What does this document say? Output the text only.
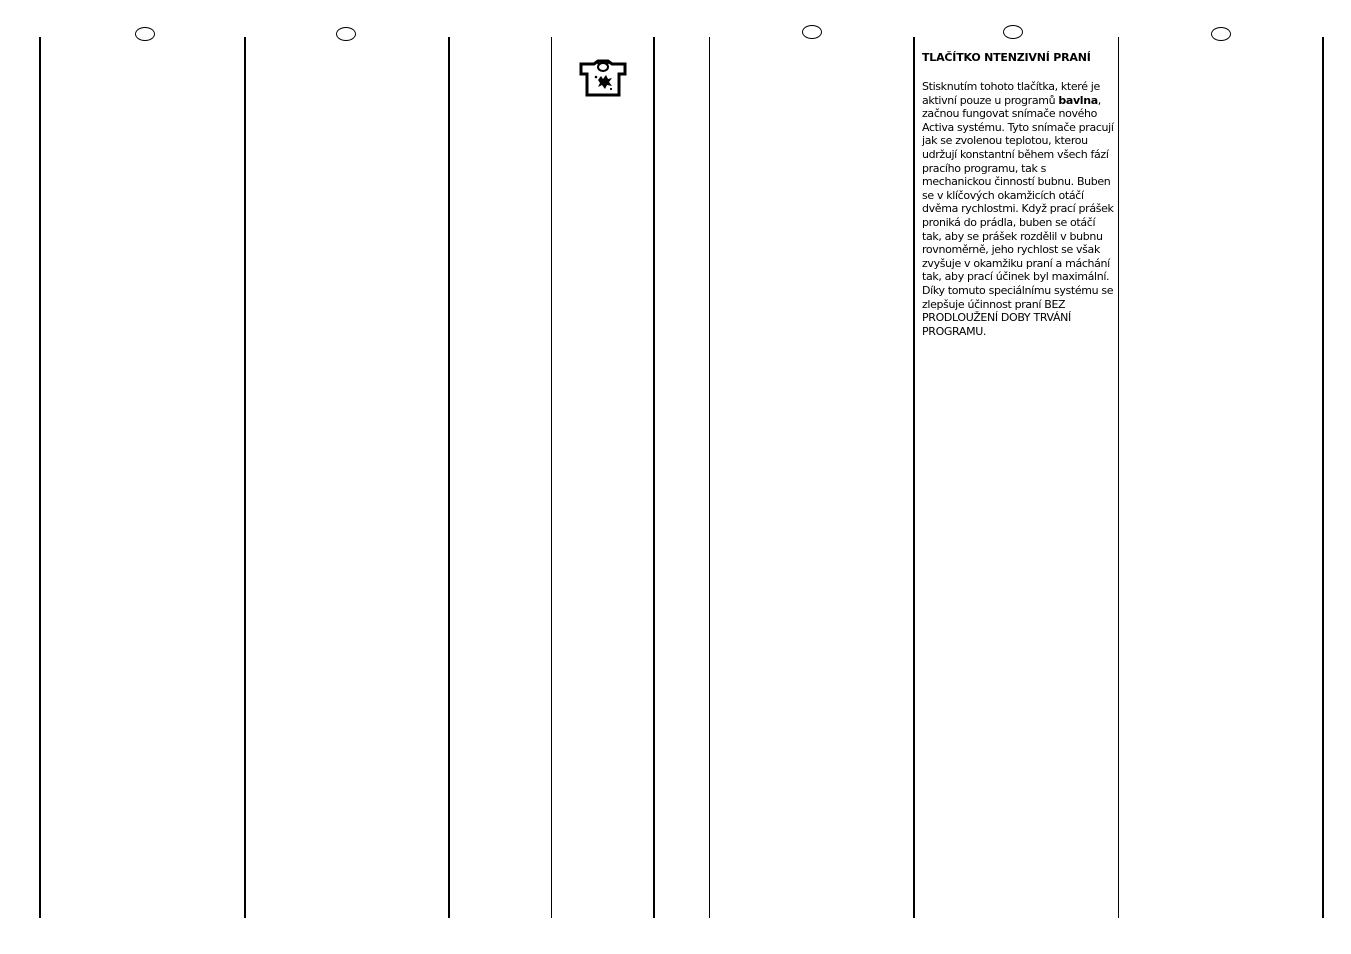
TLAČÍTKO NTENZIVNÍ PRANÍ

Stisknutím tohoto tlačítka, které je aktivní pouze u programů bavlna, začnou fungovat snímače nového Activa systému. Tyto snímače pracují jak se zvolenou teplotou, kterou udržují konstantní během všech fází pracího programu, tak s mechanickou činností bubnu. Buben se v klíčových okamžicích otáčí dvěma rychlostmi. Když prací prášek proniká do prádla, buben se otáčí tak, aby se prášek rozdělil v bubnu rovnoměrně, jeho rychlost se však zvyšuje v okamžiku praní a máchání tak, aby prací účinek byl maximální. Díky tomuto speciálnímu systému se zlepšuje účinnost praní BEZ PRODLOUŽENÍ DOBY TRVÁNÍ PROGRAMU.
